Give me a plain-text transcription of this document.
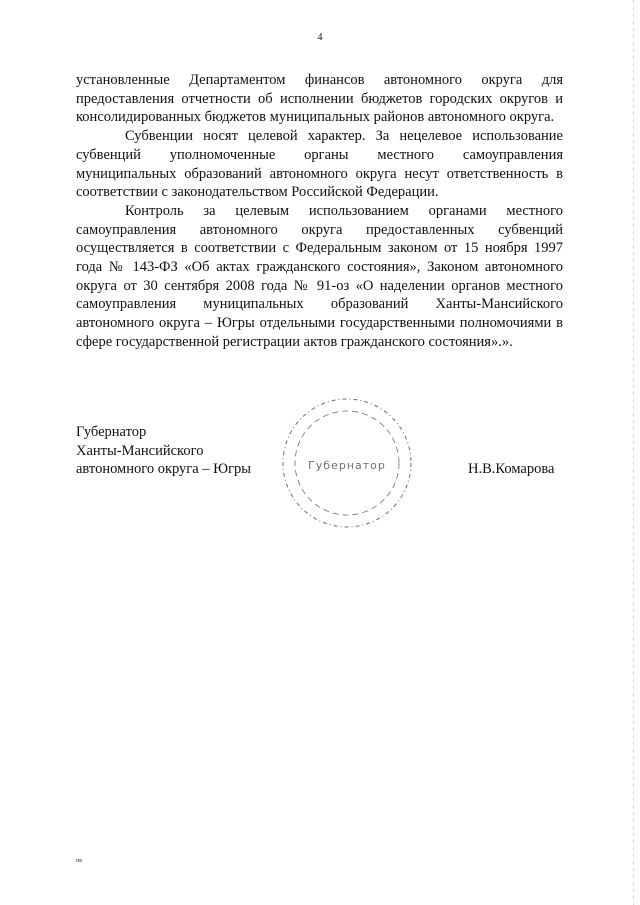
4

установленные Департаментом финансов автономного округа для предоставления отчетности об исполнении бюджетов городских округов и консолидированных бюджетов муниципальных районов автономного округа.

Субвенции носят целевой характер. За нецелевое использование субвенций уполномоченные органы местного самоуправления муниципальных образований автономного округа несут ответственность в соответствии с законодательством Российской Федерации.

Контроль за целевым использованием органами местного самоуправления автономного округа предоставленных субвенций осуществляется в соответствии с Федеральным законом от 15 ноября 1997 года № 143-ФЗ «Об актах гражданского состояния», Законом автономного округа от 30 сентября 2008 года № 91-оз «О наделении органов местного самоуправления муниципальных образований Ханты-Мансийского автономного округа – Югры отдельными государственными полномочиями в сфере государственной регистрации актов гражданского состояния».».

Губернатор
Ханты-Мансийского
автономного округа – Югры	Губернатор	Н.В.Комарова
нв
